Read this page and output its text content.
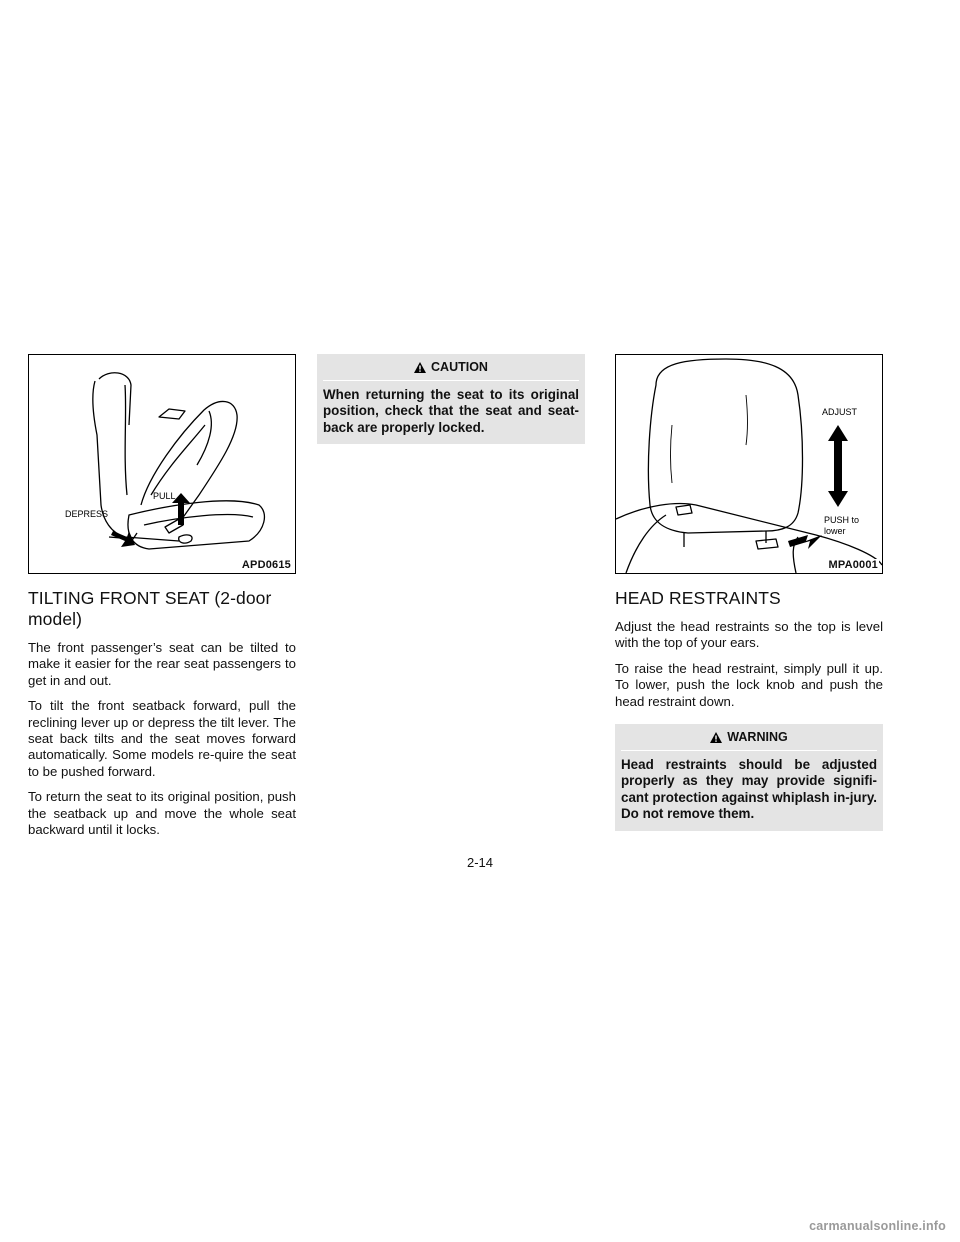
PULL
DEPRESS
APD0615
TILTING FRONT SEAT (2-door model)

The front passenger’s seat can be tilted to make it easier for the rear seat passengers to get in and out.

To tilt the front seatback forward, pull the reclining lever up or depress the tilt lever. The seat back tilts and the seat moves forward automatically. Some models re-quire the seat to be pushed forward.

To return the seat to its original position, push the seatback up and move the whole seat backward until it locks.

CAUTION
When returning the seat to its original position, check that the seat and seat-back are properly locked.
ADJUST
PUSH to
lower
MPA0001
HEAD RESTRAINTS

Adjust the head restraints so the top is level with the top of your ears.

To raise the head restraint, simply pull it up. To lower, push the lock knob and push the head restraint down.

WARNING
Head restraints should be adjusted properly as they may provide signifi-cant protection against whiplash in-jury. Do not remove them.
2-14
carmanualsonline.info
